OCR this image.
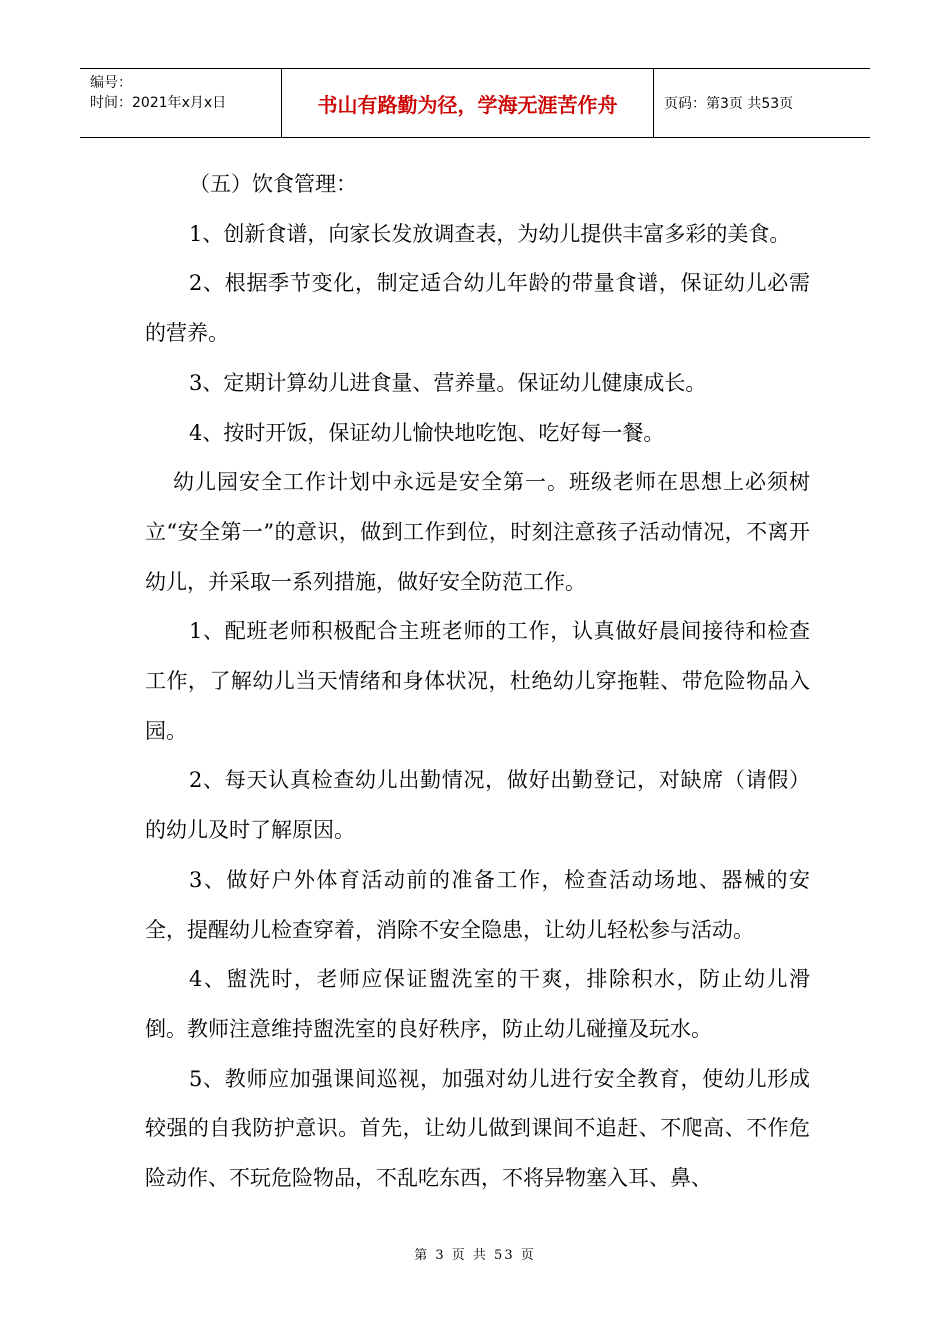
编号：
时间：2021年x月x日	书山有路勤为径，学海无涯苦作舟	页码：第3页 共53页

（五）饮食管理：

1、创新食谱，向家长发放调查表，为幼儿提供丰富多彩的美食。

2、根据季节变化，制定适合幼儿年龄的带量食谱，保证幼儿必需的营养。

3、定期计算幼儿进食量、营养量。保证幼儿健康成长。

4、按时开饭，保证幼儿愉快地吃饱、吃好每一餐。

幼儿园安全工作计划中永远是安全第一。班级老师在思想上必须树立“安全第一”的意识，做到工作到位，时刻注意孩子活动情况，不离开幼儿，并采取一系列措施，做好安全防范工作。

1、配班老师积极配合主班老师的工作，认真做好晨间接待和检查工作，了解幼儿当天情绪和身体状况，杜绝幼儿穿拖鞋、带危险物品入园。

2、每天认真检查幼儿出勤情况，做好出勤登记，对缺席（请假）的幼儿及时了解原因。

3、做好户外体育活动前的准备工作，检查活动场地、器械的安全，提醒幼儿检查穿着，消除不安全隐患，让幼儿轻松参与活动。

4、盥洗时，老师应保证盥洗室的干爽，排除积水，防止幼儿滑倒。教师注意维持盥洗室的良好秩序，防止幼儿碰撞及玩水。

5、教师应加强课间巡视，加强对幼儿进行安全教育，使幼儿形成较强的自我防护意识。首先，让幼儿做到课间不追赶、不爬高、不作危险动作、不玩危险物品，不乱吃东西，不将异物塞入耳、鼻、

第 3 页 共 53 页
